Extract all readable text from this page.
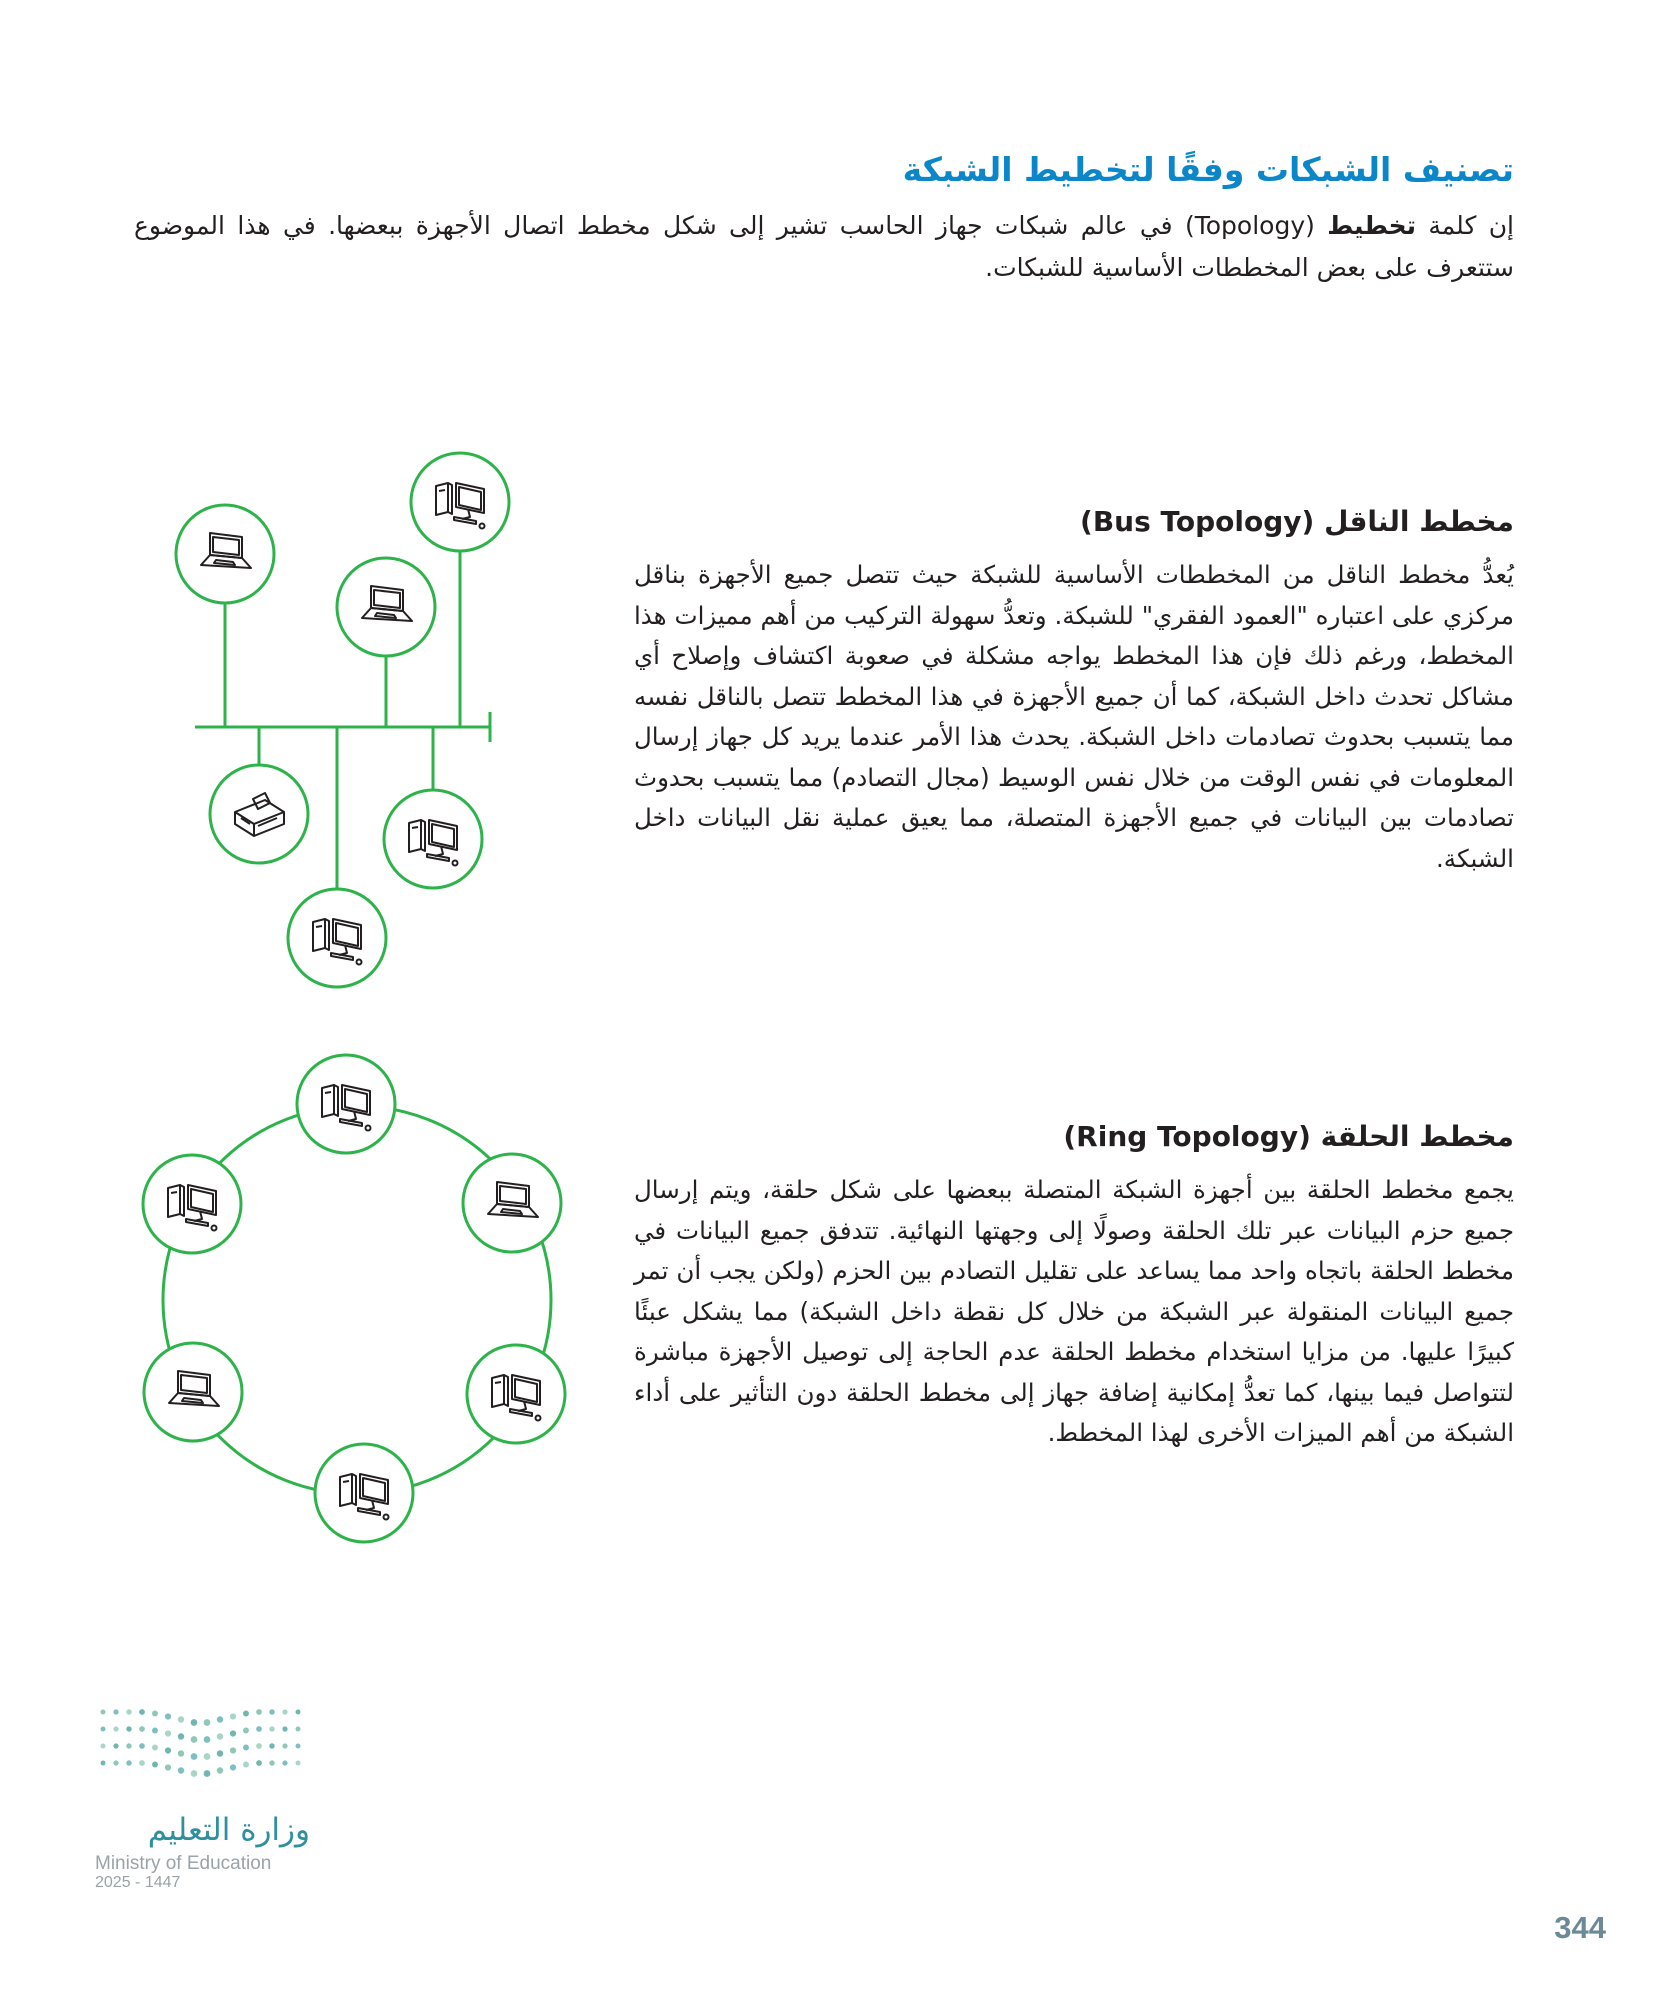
تصنيف الشبكات وفقًا لتخطيط الشبكة

إن كلمة تخطيط (Topology) في عالم شبكات جهاز الحاسب تشير إلى شكل مخطط اتصال الأجهزة ببعضها. في هذا الموضوع ستتعرف على بعض المخططات الأساسية للشبكات.

مخطط الناقل (Bus Topology)

يُعدُّ مخطط الناقل من المخططات الأساسية للشبكة حيث تتصل جميع الأجهزة بناقل مركزي على اعتباره "العمود الفقري" للشبكة. وتعدُّ سهولة التركيب من أهم مميزات هذا المخطط، ورغم ذلك فإن هذا المخطط يواجه مشكلة في صعوبة اكتشاف وإصلاح أي مشاكل تحدث داخل الشبكة، كما أن جميع الأجهزة في هذا المخطط تتصل بالناقل نفسه مما يتسبب بحدوث تصادمات داخل الشبكة. يحدث هذا الأمر عندما يريد كل جهاز إرسال المعلومات في نفس الوقت من خلال نفس الوسيط (مجال التصادم) مما يتسبب بحدوث تصادمات بين البيانات في جميع الأجهزة المتصلة، مما يعيق عملية نقل البيانات داخل الشبكة.

مخطط الحلقة (Ring Topology)

يجمع مخطط الحلقة بين أجهزة الشبكة المتصلة ببعضها على شكل حلقة، ويتم إرسال جميع حزم البيانات عبر تلك الحلقة وصولًا إلى وجهتها النهائية. تتدفق جميع البيانات في مخطط الحلقة باتجاه واحد مما يساعد على تقليل التصادم بين الحزم (ولكن يجب أن تمر جميع البيانات المنقولة عبر الشبكة من خلال كل نقطة داخل الشبكة) مما يشكل عبئًا كبيرًا عليها. من مزايا استخدام مخطط الحلقة عدم الحاجة إلى توصيل الأجهزة مباشرة لتتواصل فيما بينها، كما تعدُّ إمكانية إضافة جهاز إلى مخطط الحلقة دون التأثير على أداء الشبكة من أهم الميزات الأخرى لهذا المخطط.

وزارة التعليم
Ministry of Education
2025 - 1447
344
